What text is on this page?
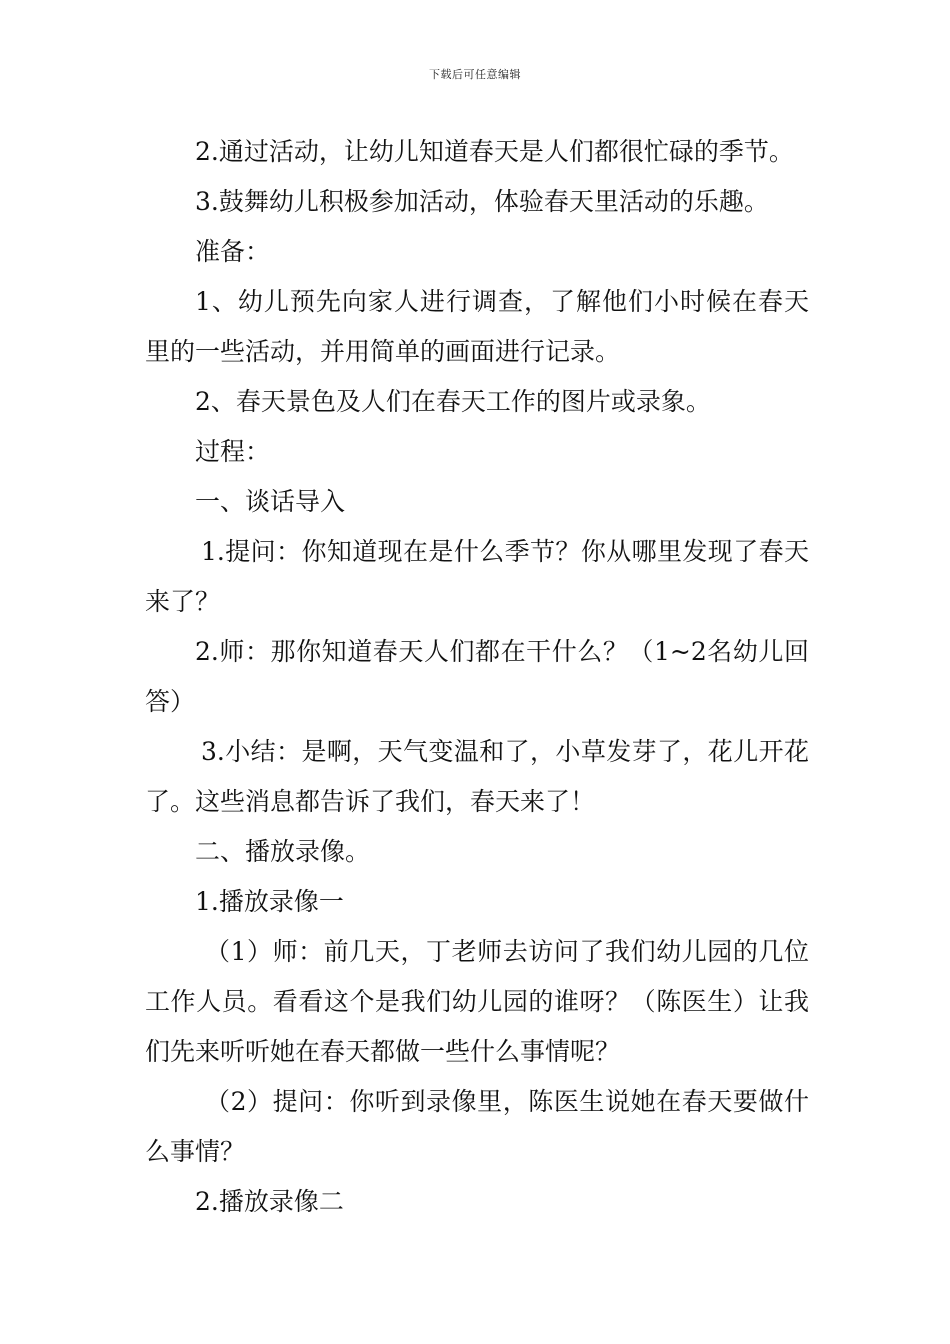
下载后可任意编辑

2.通过活动，让幼儿知道春天是人们都很忙碌的季节。

3.鼓舞幼儿积极参加活动，体验春天里活动的乐趣。

准备：

1、幼儿预先向家人进行调查，了解他们小时候在春天里的一些活动，并用简单的画面进行记录。

2、春天景色及人们在春天工作的图片或录象。

过程：

一、谈话导入

1.提问：你知道现在是什么季节？你从哪里发现了春天来了？

2.师：那你知道春天人们都在干什么？（1~2名幼儿回答）

3.小结：是啊，天气变温和了，小草发芽了，花儿开花了。这些消息都告诉了我们，春天来了！

二、播放录像。

1.播放录像一

（1）师：前几天，丁老师去访问了我们幼儿园的几位工作人员。看看这个是我们幼儿园的谁呀？（陈医生）让我们先来听听她在春天都做一些什么事情呢？

（2）提问：你听到录像里，陈医生说她在春天要做什么事情？

2.播放录像二
